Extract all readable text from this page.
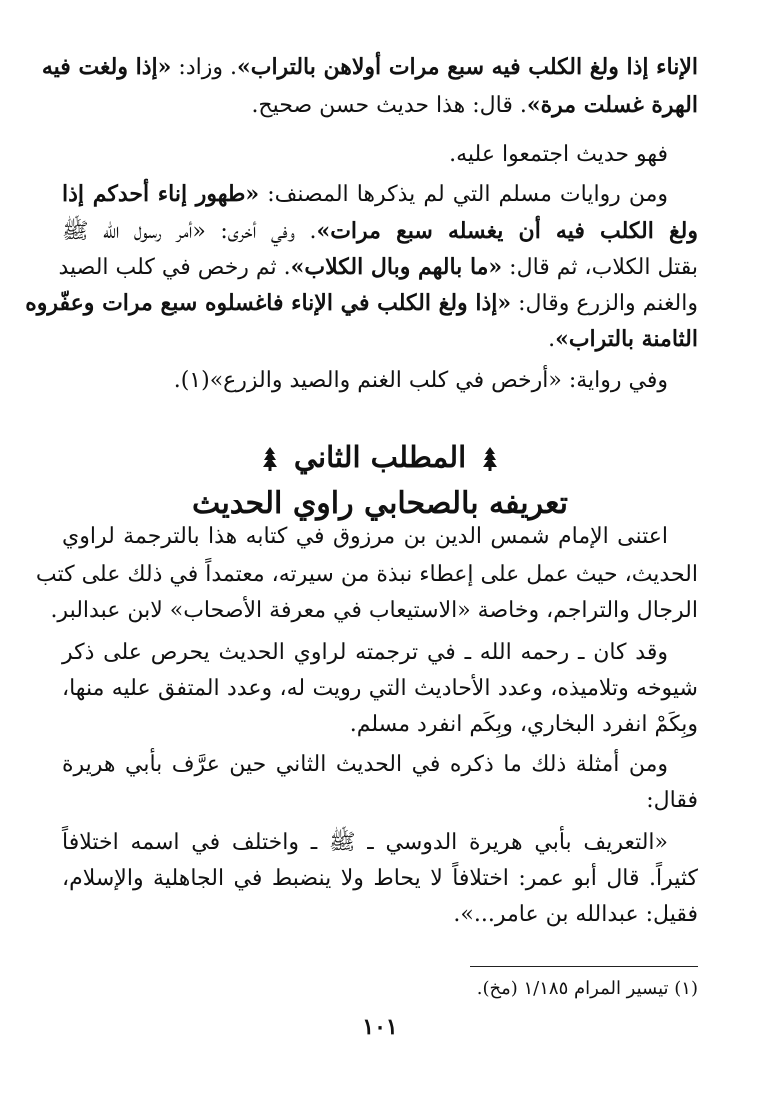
الإناء إذا ولغ الكلب فيه سبع مرات أولاهن بالتراب». وزاد: «إذا ولغت فيه
الهرة غسلت مرة». قال: هذا حديث حسن صحيح.
فهو حديث اجتمعوا عليه.
ومن روايات مسلم التي لم يذكرها المصنف: «طهور إناء أحدكم إذا
ولغ الكلب فيه أن يغسله سبع مرات». وفي أخرى: «أمر رسول الله ﷺ
بقتل الكلاب، ثم قال: «ما بالهم وبال الكلاب». ثم رخص في كلب الصيد
والغنم والزرع وقال: «إذا ولغ الكلب في الإناء فاغسلوه سبع مرات وعفّروه
الثامنة بالتراب».
وفي رواية: «أرخص في كلب الغنم والصيد والزرع»(١).
اعتنى الإمام شمس الدين بن مرزوق في كتابه هذا بالترجمة لراوي
الحديث، حيث عمل على إعطاء نبذة من سيرته، معتمداً في ذلك على كتب
الرجال والتراجم، وخاصة «الاستيعاب في معرفة الأصحاب» لابن عبدالبر.
وقد كان ـ رحمه الله ـ في ترجمته لراوي الحديث يحرص على ذكر
شيوخه وتلاميذه، وعدد الأحاديث التي رويت له، وعدد المتفق عليه منها،
وبِكَمْ انفرد البخاري، وبِكَم انفرد مسلم.
ومن أمثلة ذلك ما ذكره في الحديث الثاني حين عرَّف بأبي هريرة
فقال:
«التعريف بأبي هريرة الدوسي ـ ﷺ ـ واختلف في اسمه اختلافاً
كثيراً. قال أبو عمر: اختلافاً لا يحاط ولا ينضبط في الجاهلية والإسلام،
فقيل: عبدالله بن عامر...».
المطلب الثاني
تعريفه بالصحابي راوي الحديث
(١) تيسير المرام ١/١٨٥ (مخ).
١٠١
